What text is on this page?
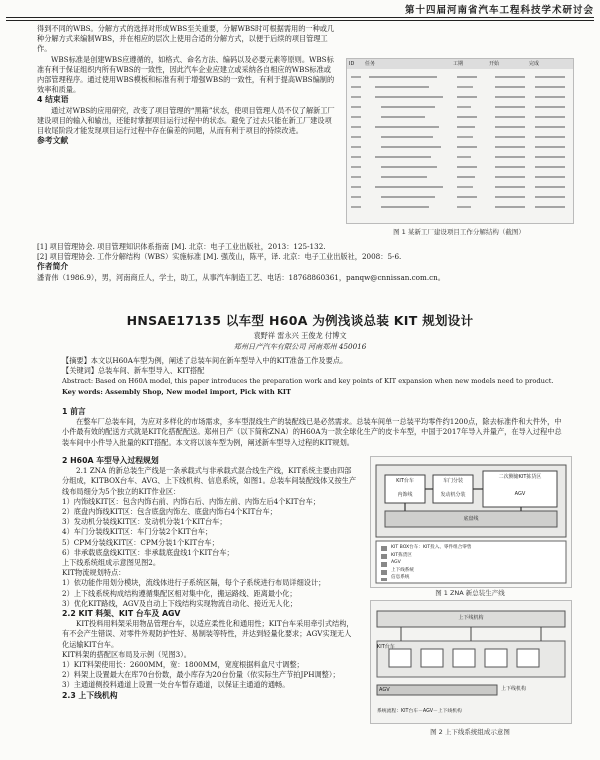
第十四届河南省汽车工程科技学术研讨会

得到不同的WBS。分解方式的选择对形成WBS至关重要，分解WBS时可根据需用的一种或几种分解方式来编制WBS，并在相应的层次上使用合适的分解方式，以便于后续的项目管理工作。

WBS标准是创建WBS应遵循的，如格式、命名方法、编码以及必要元素等原则。WBS标准有利于保证组织内所有WBS的一致性，因此汽车企业应建立或采纳各自相应的WBS标准或内部管理程序。通过使用WBS模板和标准有利于增强WBS的一致性，有利于提高WBS编制的效率和质量。

4 结束语

通过对WBS的应用研究，改变了项目管理的“黑箱”状态，使项目管理人员不仅了解新工厂建设项目的输入和输出，还能时掌握项目运行过程中的状态。避免了过去只能在新工厂建设项目收尾阶段才能发现项目运行过程中存在偏差的问题，从而有利于项目的持续改进。

参考文献

[1] 项目管理协会. 项目管理知识体系指南 [M]. 北京：电子工业出版社，2013：125-132.

[2] 项目管理协会. 工作分解结构（WBS）实施标准 [M]. 强茂山，陈平，译. 北京：电子工业出版社，2008：5-6.

作者简介

潘青伟（1986.9），男，河南商丘人，学士，助工，从事汽车制造工艺、电话：18768860361，panqw@cnnissan.com.cn。

ID	任务	工期	开始	完成
图 1 某新工厂建设项目工作分解结构（截图）
HNSAE17135 以车型 H60A 为例浅谈总装 KIT 规划设计
袁野祥 雷永兴 王俊龙 付博文
郑州日产汽车有限公司 河南郑州 450016

【摘要】本文以H60A车型为例，阐述了总装车间在新车型导入中的KIT准备工作及要点。

【关键词】总装车间、新车型导入、KIT搭配

Abstract: Based on H60A model, this paper introduces the preparation work and key points of KIT expansion when new models need to product.

Key words: Assembly Shop, New model import, Pick with KIT

1 前言

在整车厂总装车间，为应对多样化的市场需求，多车型混线生产的装配线已是必然需求。总装车间单一总装平均零件约1200点，除去标准件和大件外，中小件最有效的配送方式就是KIT化搭配配送。郑州日产（以下简称ZNA）的H60A为一款全球化生产的皮卡车型，中国于2017年导入并量产，在导入过程中总装车间中小件导入批量的KIT搭配。本文将以该车型为例，阐述新车型导入过程的KIT规划。

2 H60A 车型导入过程规划

2.1 ZNA 的新总装生产线是一条承载式与非承载式混合线生产线，KIT系统主要由四部分组成，KITBOX台车、AVG、上下线机构、信息系统，如图1。总装车间装配线体又按生产线布局细分为5个独立的KIT作业区：

1）内饰线KIT区：包含内饰右前、内饰右后、内饰左前、内饰左后4个KIT台车；

2）底盘内饰线KIT区：包含底盘内饰左、底盘内饰右4个KIT台车；

3）发动机分装线KIT区：发动机分装1个KIT台车；

4）车门分装线KIT区：车门分装2个KIT台车；

5）CPM分装线KIT区：CPM分装1个KIT台车；

6）非承载底盘线KIT区：非承载底盘线1个KIT台车；

上下线系统组成示意图见图2。

KIT物流规划特点：

1）依功能作用划分模块，流线体进行子系统区隔，每个子系统进行布局详细设计；

2）上下线系统构成结构遵循集配区相对集中化，搬运路线、距离最小化；

3）优化KIT路线，AGV及自动上下线结构实现物流自动化、接近无人化；

2.2 KIT 料架、KIT 台车及 AGV

KIT投料用料架采用物品管理台车，以适应柔性化和通用性；KIT台车采用牵引式结构，有不会产生错误、对零件外观防护性好、易制装等特性，并达到轻量化要求；AGV实现无人化运输KIT台车。

KIT料架的搭配区布局及示例（见图3）。

1）KIT料架使用长：2600MM，宽：1800MM，宽度根据料盒尺寸调整；

2）料架上设置最大在库70台份数，最小库存为20台份量（依实际生产节拍JPH调整）；

3）主通道侧投料通道上设置一处台车暂存通道，以保证主通道的通畅。

2.3 上下线机构

二次侧储KIT拣货区
KIT台车	车门分装
发动机分装
内饰线
底盘线
AGV
KIT BOX台车：KIT投入、零件组合零售
KIT拣货区
AGV
上下线系统
信息系统
图 1 ZNA 新总装生产线
上下线机构
上下线机构
KIT台车
AGV
系统流程：KIT台车－AGV－上下线机构
图 2 上下线系统组成示意图
